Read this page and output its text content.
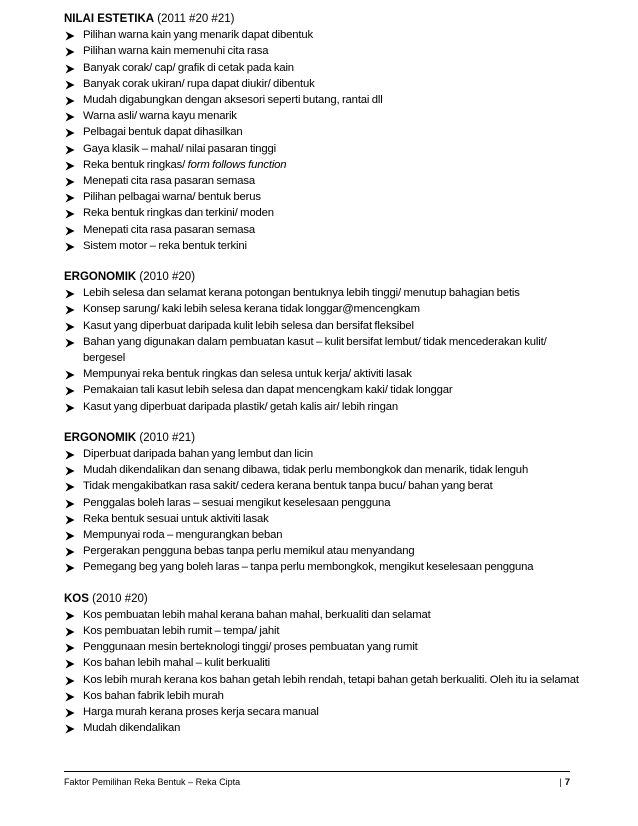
NILAI ESTETIKA (2011 #20 #21)
Pilihan warna kain yang menarik dapat dibentuk
Pilihan warna kain memenuhi cita rasa
Banyak corak/ cap/ grafik di cetak pada kain
Banyak corak ukiran/ rupa dapat diukir/ dibentuk
Mudah digabungkan dengan aksesori seperti butang, rantai dll
Warna asli/ warna kayu menarik
Pelbagai bentuk dapat dihasilkan
Gaya klasik – mahal/ nilai pasaran tinggi
Reka bentuk ringkas/ form follows function
Menepati cita rasa pasaran semasa
Pilihan pelbagai warna/ bentuk berus
Reka bentuk ringkas dan terkini/ moden
Menepati cita rasa pasaran semasa
Sistem motor – reka bentuk terkini
ERGONOMIK (2010 #20)
Lebih selesa dan selamat kerana potongan bentuknya lebih tinggi/ menutup bahagian betis
Konsep sarung/ kaki lebih selesa kerana tidak longgar@mencengkam
Kasut yang diperbuat daripada kulit lebih selesa dan bersifat fleksibel
Bahan yang digunakan dalam pembuatan kasut – kulit bersifat lembut/ tidak mencederakan kulit/ bergesel
Mempunyai reka bentuk ringkas dan selesa untuk kerja/ aktiviti lasak
Pemakaian tali kasut lebih selesa dan dapat mencengkam kaki/ tidak longgar
Kasut yang diperbuat daripada plastik/ getah kalis air/ lebih ringan
ERGONOMIK (2010 #21)
Diperbuat daripada bahan yang lembut dan licin
Mudah dikendalikan dan senang dibawa, tidak perlu membongkok dan menarik, tidak lenguh
Tidak mengakibatkan rasa sakit/ cedera kerana bentuk tanpa bucu/ bahan yang berat
Penggalas boleh laras – sesuai mengikut keselesaan pengguna
Reka bentuk sesuai untuk aktiviti lasak
Mempunyai roda – mengurangkan beban
Pergerakan pengguna bebas tanpa perlu memikul atau menyandang
Pemegang beg yang boleh laras – tanpa perlu membongkok, mengikut keselesaan pengguna
KOS (2010 #20)
Kos pembuatan lebih mahal kerana bahan mahal, berkualiti dan selamat
Kos pembuatan lebih rumit – tempa/ jahit
Penggunaan mesin berteknologi tinggi/ proses pembuatan yang rumit
Kos bahan lebih mahal – kulit berkualiti
Kos lebih murah kerana kos bahan getah lebih rendah, tetapi bahan getah berkualiti. Oleh itu ia selamat
Kos bahan fabrik lebih murah
Harga murah kerana proses kerja secara manual
Mudah dikendalikan
Faktor Pemilihan Reka Bentuk – Reka Cipta	| 7
